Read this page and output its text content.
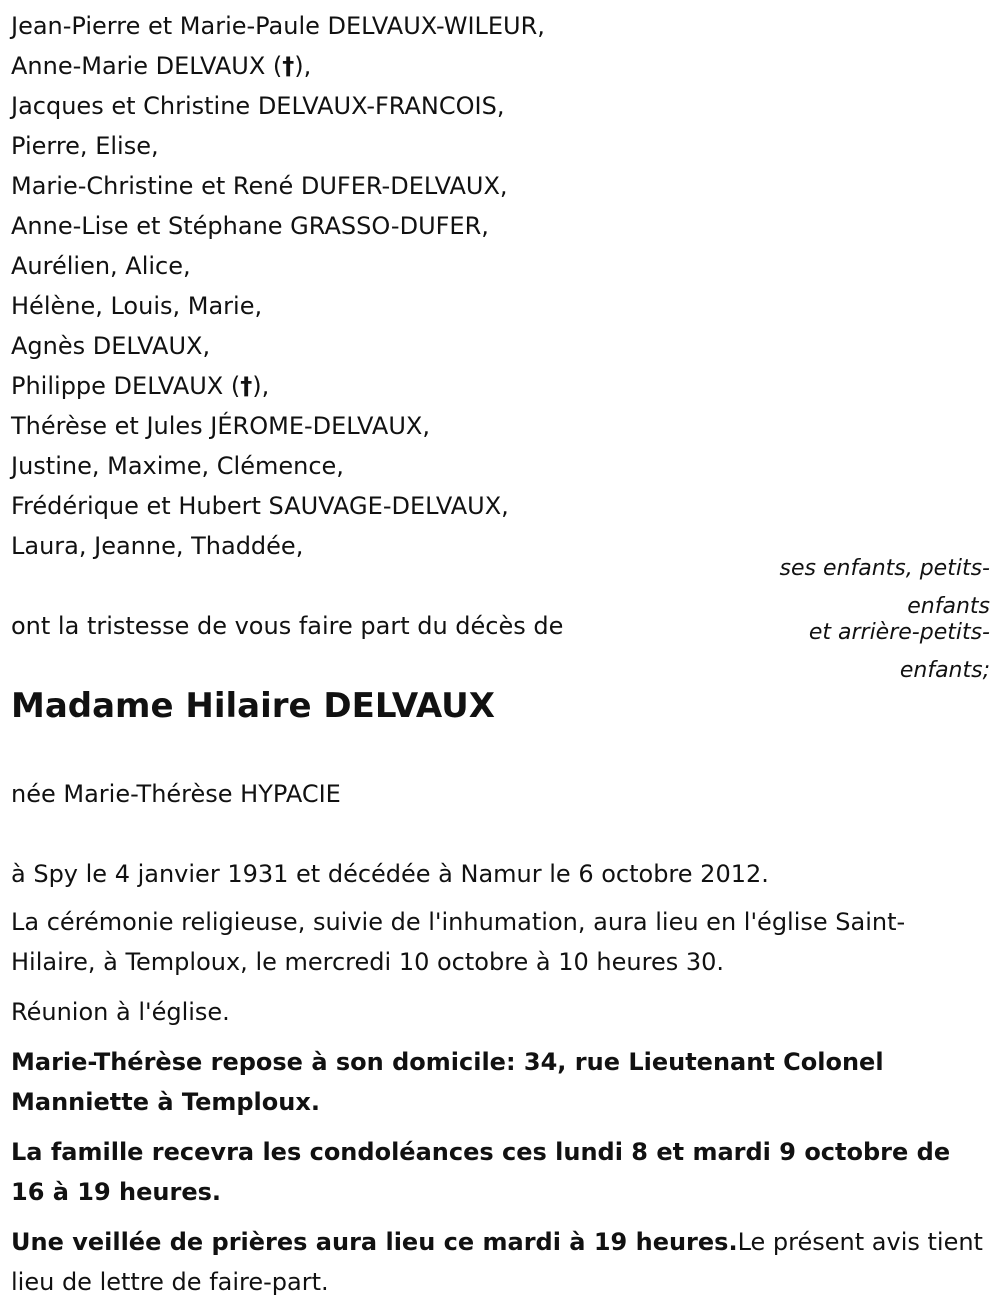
Jean-Pierre et Marie-Paule DELVAUX-WILEUR,
Anne-Marie DELVAUX (†),
Jacques et Christine DELVAUX-FRANCOIS,
Pierre, Elise,
Marie-Christine et René DUFER-DELVAUX,
Anne-Lise et Stéphane GRASSO-DUFER,
Aurélien, Alice,
Hélène, Louis, Marie,
Agnès DELVAUX,
Philippe DELVAUX (†),
Thérèse et Jules JÉROME-DELVAUX,
Justine, Maxime, Clémence,
Frédérique et Hubert SAUVAGE-DELVAUX,
Laura, Jeanne, Thaddée,
ses enfants, petits-
enfants
et arrière-petits-
enfants;
ont la tristesse de vous faire part du décès de
Madame Hilaire DELVAUX
née Marie-Thérèse HYPACIE
à Spy le 4 janvier 1931 et décédée à Namur le 6 octobre 2012.
La cérémonie religieuse, suivie de l'inhumation, aura lieu en l'église Saint-Hilaire, à Temploux, le mercredi 10 octobre à 10 heures 30.
Réunion à l'église.
Marie-Thérèse repose à son domicile: 34, rue Lieutenant Colonel Manniette à Temploux.
La famille recevra les condoléances ces lundi 8 et mardi 9 octobre de 16 à 19 heures.
Une veillée de prières aura lieu ce mardi à 19 heures.Le présent avis tient lieu de lettre de faire-part.
